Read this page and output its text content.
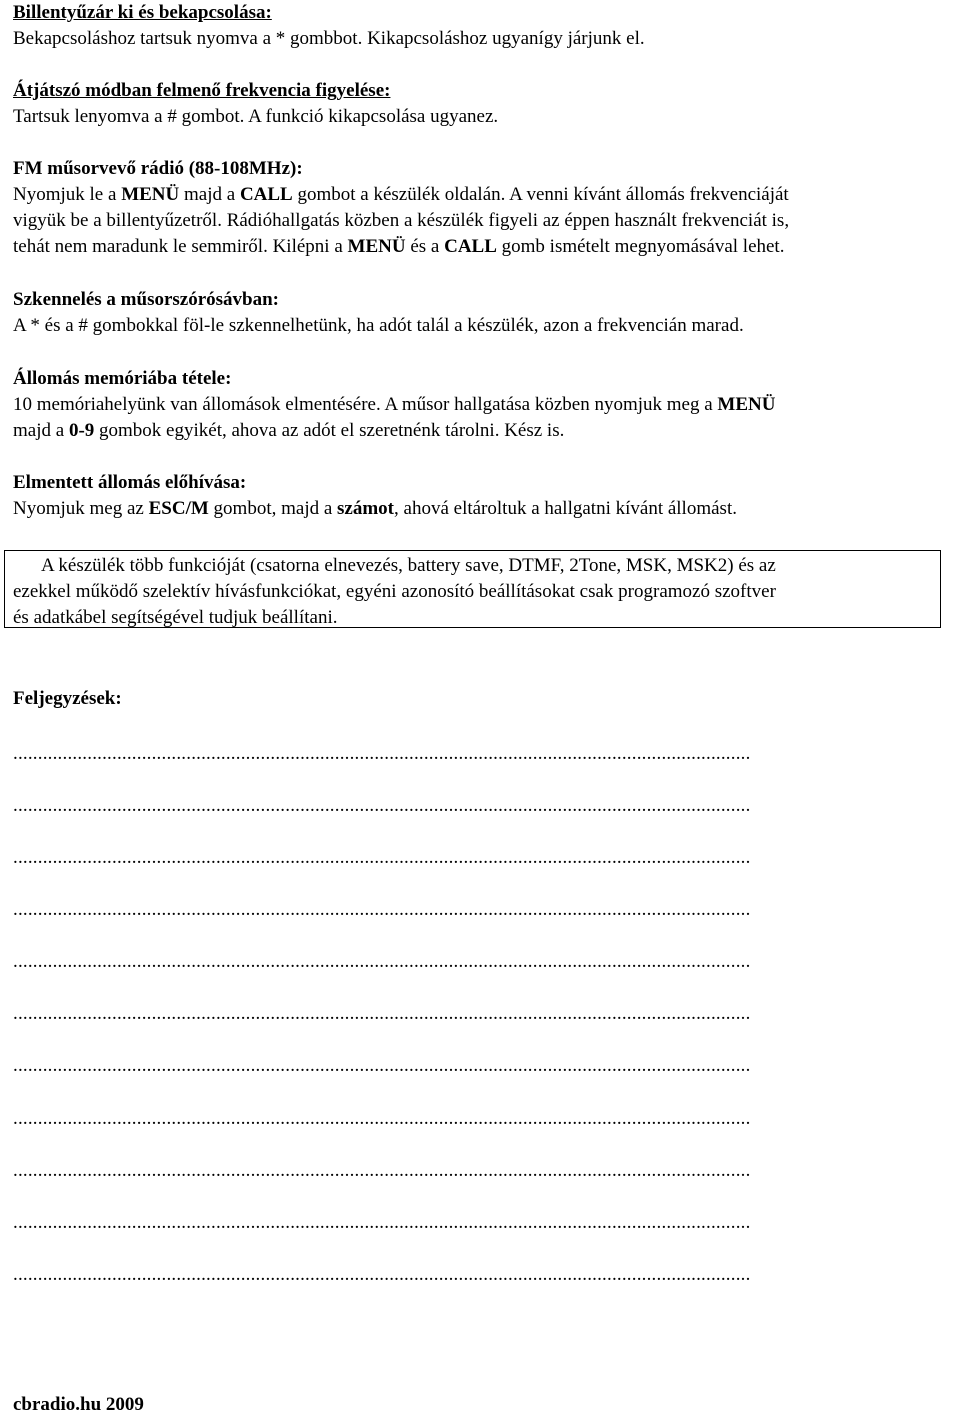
Billentyűzár ki és bekapcsolása:
Bekapcsoláshoz tartsuk nyomva a * gombbot. Kikapcsoláshoz ugyanígy járjunk el.
Átjátszó módban felmenő frekvencia figyelése:
Tartsuk lenyomva a # gombot. A funkció kikapcsolása ugyanez.
FM műsorvevő rádió (88-108MHz):
Nyomjuk le a MENÜ majd a CALL gombot a készülék oldalán. A venni kívánt állomás frekvenciáját
vigyük be a billentyűzetről. Rádióhallgatás közben a készülék figyeli az éppen használt frekvenciát is,
tehát nem maradunk le semmiről. Kilépni a MENÜ és a CALL gomb ismételt megnyomásával lehet.
Szkennelés a műsorszórósávban:
A * és a # gombokkal föl-le szkennelhetünk, ha adót talál a készülék, azon a frekvencián marad.
Állomás memóriába tétele:
10 memóriahelyünk van állomások elmentésére. A műsor hallgatása közben nyomjuk meg a MENÜ
majd a 0-9 gombok egyikét, ahova az adót el szeretnénk tárolni. Kész is.
Elmentett állomás előhívása:
Nyomjuk meg az ESC/M gombot, majd a számot, ahová eltároltuk a hallgatni kívánt állomást.
A készülék több funkcióját (csatorna elnevezés, battery save, DTMF, 2Tone, MSK, MSK2) és az
ezekkel működő szelektív hívásfunkciókat, egyéni azonosító beállításokat csak programozó szoftver
és adatkábel segítségével tudjuk beállítani.
Feljegyzések:
.....................................................................................................................................................
.....................................................................................................................................................
.....................................................................................................................................................
.....................................................................................................................................................
.....................................................................................................................................................
.....................................................................................................................................................
.....................................................................................................................................................
.....................................................................................................................................................
.....................................................................................................................................................
.....................................................................................................................................................
.....................................................................................................................................................
cbradio.hu 2009
